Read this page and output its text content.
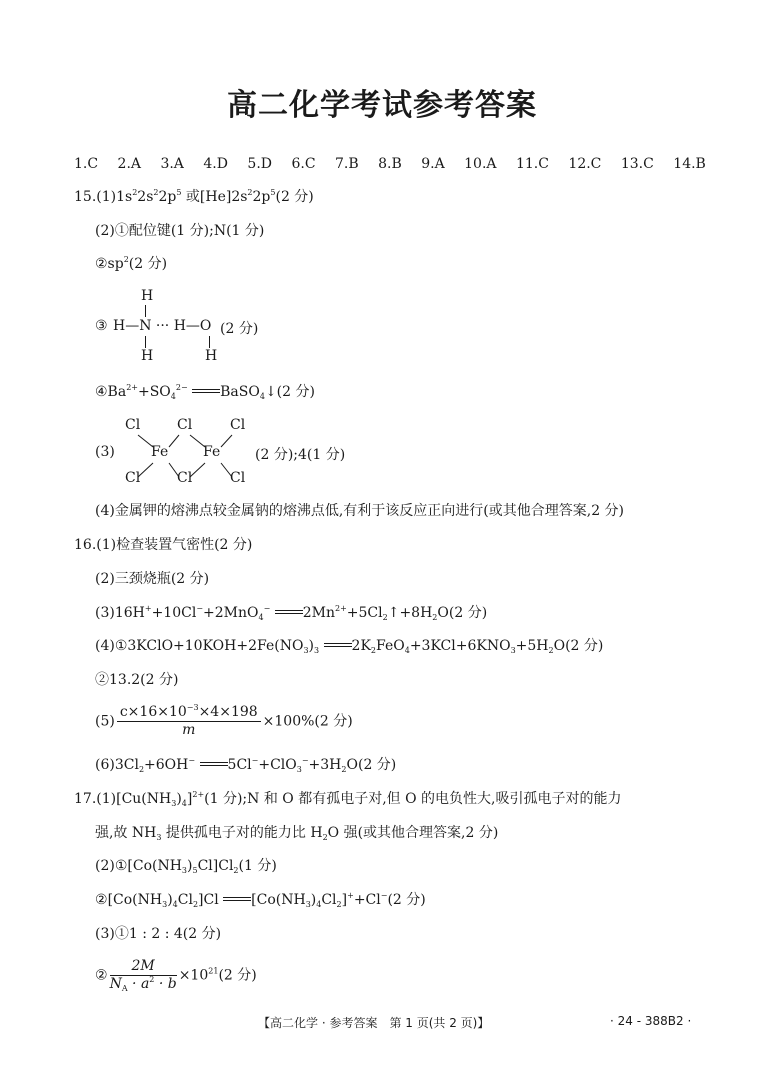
高二化学考试参考答案
1.C 2.A 3.A 4.D 5.D 6.C 7.B 8.B 9.A 10.A 11.C 12.C 13.C 14.B
$15.(1)1s^22s^22p^5$ 或$[He]2s^22p^5(2$ 分)
(2)①配位键(1 分);N(1 分)
$②sp^2(2$ 分)
H
③ H—N ··· H—O
H	H
(2 分)
$④Ba^{2+}+SO_4^{2-}$ BaSO$_4$↓(2 分)
(3)
Cl	Cl	Cl
Fe Fe
Cl	Cl	Cl
(2 分);4(1 分)
(4)金属钾的熔沸点较金属钠的熔沸点低,有利于该反应正向进行(或其他合理答案,2 分)
16.(1)检查装置气密性(2 分)
(2)三颈烧瓶(2 分)
(3)16H++10Cl−+2MnO$_4$− $2Mn^{2+}+5Cl_2↑+8H_2O(2$ 分)
$(4)①3KClO+10KOH+2Fe(NO_3)_3$ $2K_2FeO_4+3KCl+6KNO_3+5H_2O(2$ 分)
②13.2(2 分)
$(5) \frac{c\times 16\times 10^{-3}\times 4\times 198}{m} \times 100\%(2$ 分)
$(6)3Cl_2+6OH^-$ $5Cl^-+ClO_3^-+3H_2O(2$ 分)
$17.(1)[Cu(NH_3)_4]^{2+}(1$ 分);N 和 O 都有孤电子对,但 O 的电负性大,吸引孤电子对的能力
强,故 $NH_3$ 提供孤电子对的能力比 $H_2O$ 强(或其他合理答案,2 分)
$(2)①[Co(NH_3)_5Cl]Cl_2(1$ 分)
$②[Co(NH_3)_4Cl_2]Cl$ $[Co(NH_3)_4Cl_2]^++Cl^-(2$ 分)
(3)①1 : 2 : 4(2 分)
② $\frac{2M}{N_A \cdot a^2 \cdot b} \times 10^{21}(2$ 分)
【高二化学 · 参考答案　第 1 页(共 2 页)】	· 24 - 388B2 ·
